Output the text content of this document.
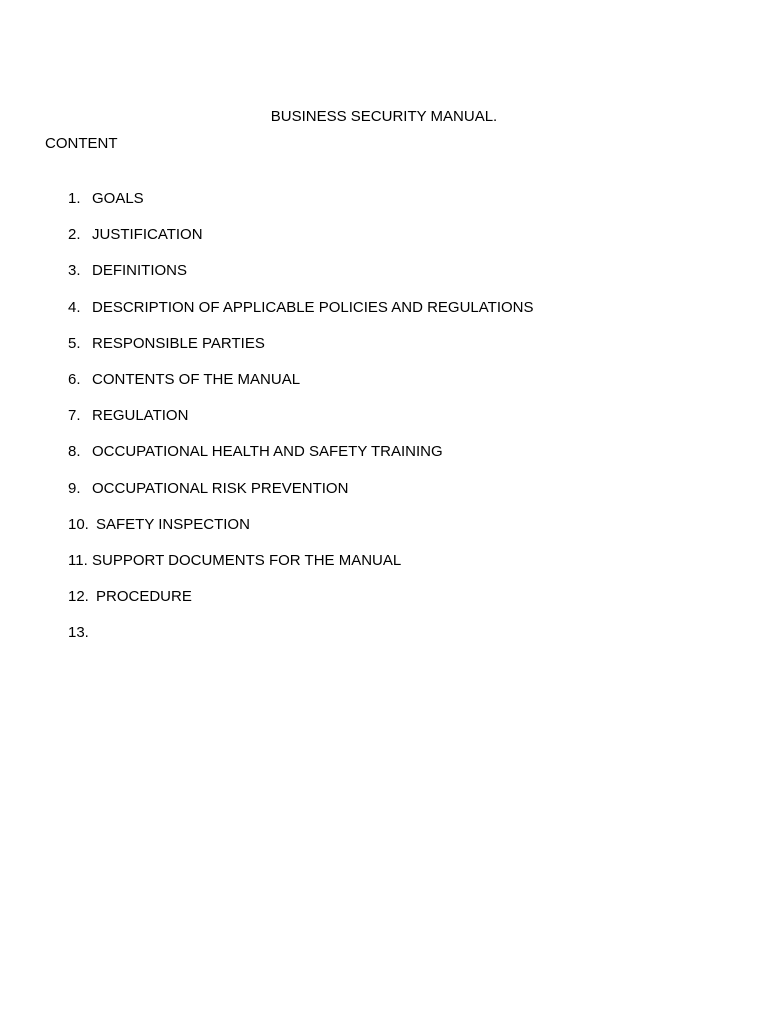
BUSINESS SECURITY MANUAL.
CONTENT
1. GOALS
2. JUSTIFICATION
3. DEFINITIONS
4. DESCRIPTION OF APPLICABLE POLICIES AND REGULATIONS
5. RESPONSIBLE PARTIES
6. CONTENTS OF THE MANUAL
7. REGULATION
8. OCCUPATIONAL HEALTH AND SAFETY TRAINING
9. OCCUPATIONAL RISK PREVENTION
10. SAFETY INSPECTION
11. SUPPORT DOCUMENTS FOR THE MANUAL
12. PROCEDURE
13.
